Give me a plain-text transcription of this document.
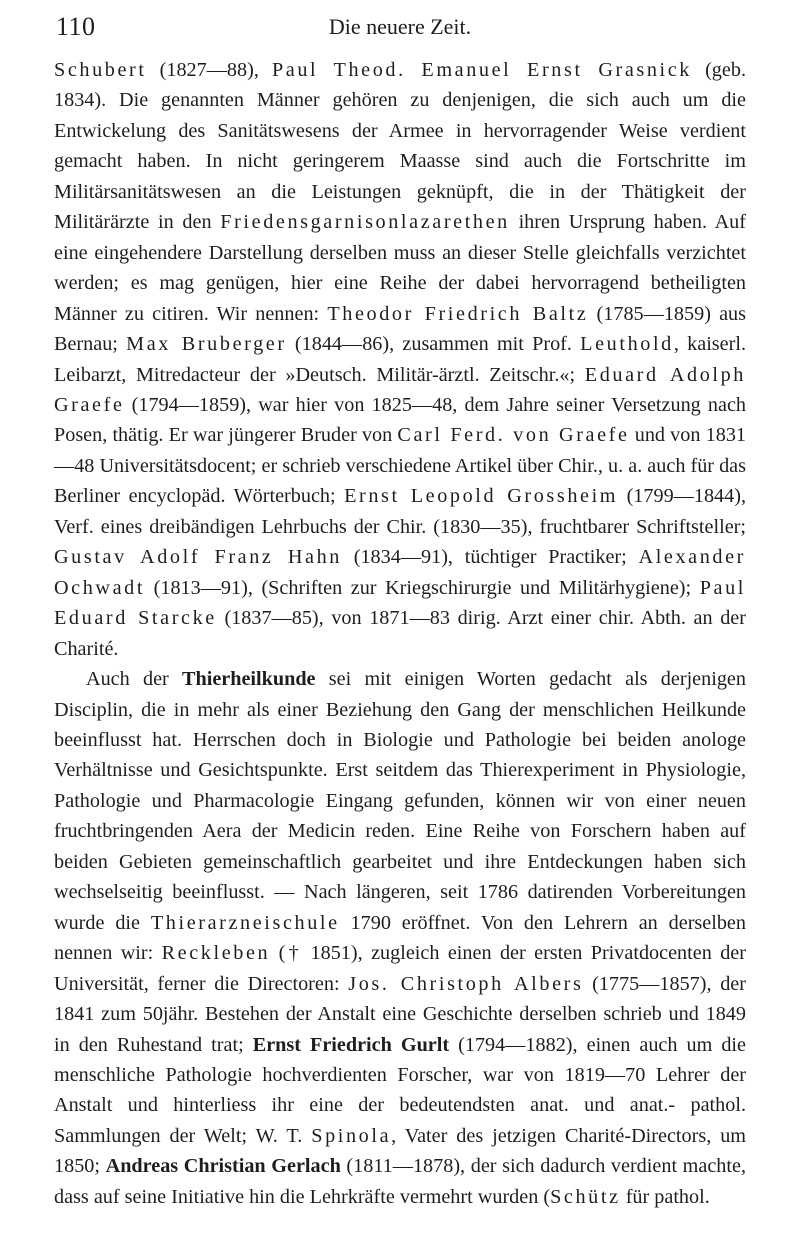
110	Die neuere Zeit.

Schubert (1827—88), Paul Theod. Emanuel Ernst Grasnick (geb. 1834). Die genannten Männer gehören zu denjenigen, die sich auch um die Entwickelung des Sanitätswesens der Armee in hervorragender Weise verdient gemacht haben. In nicht geringerem Maasse sind auch die Fortschritte im Militärsanitätswesen an die Leistungen geknüpft, die in der Thätigkeit der Militärärzte in den Friedensgarnisonlazarethen ihren Ursprung haben. Auf eine eingehendere Darstellung derselben muss an dieser Stelle gleichfalls verzichtet werden; es mag genügen, hier eine Reihe der dabei hervorragend betheiligten Männer zu citiren. Wir nennen: Theodor Friedrich Baltz (1785—1859) aus Bernau; Max Bruberger (1844—86), zusammen mit Prof. Leuthold, kaiserl. Leibarzt, Mitredacteur der »Deutsch. Militär-ärztl. Zeitschr.«; Eduard Adolph Graefe (1794—1859), war hier von 1825—48, dem Jahre seiner Versetzung nach Posen, thätig. Er war jüngerer Bruder von Carl Ferd. von Graefe und von 1831—48 Universitätsdocent; er schrieb verschiedene Artikel über Chir., u. a. auch für das Berliner encyclopäd. Wörterbuch; Ernst Leopold Grossheim (1799—1844), Verf. eines dreibändigen Lehrbuchs der Chir. (1830—35), fruchtbarer Schriftsteller; Gustav Adolf Franz Hahn (1834—91), tüchtiger Practiker; Alexander Ochwadt (1813—91), (Schriften zur Kriegschirurgie und Militärhygiene); Paul Eduard Starcke (1837—85), von 1871—83 dirig. Arzt einer chir. Abth. an der Charité.

Auch der Thierheilkunde sei mit einigen Worten gedacht als derjenigen Disciplin, die in mehr als einer Beziehung den Gang der menschlichen Heilkunde beeinflusst hat. Herrschen doch in Biologie und Pathologie bei beiden anologe Verhältnisse und Gesichtspunkte. Erst seitdem das Thierexperiment in Physiologie, Pathologie und Pharmacologie Eingang gefunden, können wir von einer neuen fruchtbringenden Aera der Medicin reden. Eine Reihe von Forschern haben auf beiden Gebieten gemeinschaftlich gearbeitet und ihre Entdeckungen haben sich wechselseitig beeinflusst. — Nach längeren, seit 1786 datirenden Vorbereitungen wurde die Thierarzneischule 1790 eröffnet. Von den Lehrern an derselben nennen wir: Reckleben († 1851), zugleich einen der ersten Privatdocenten der Universität, ferner die Directoren: Jos. Christoph Albers (1775—1857), der 1841 zum 50jähr. Bestehen der Anstalt eine Geschichte derselben schrieb und 1849 in den Ruhestand trat; Ernst Friedrich Gurlt (1794—1882), einen auch um die menschliche Pathologie hochverdienten Forscher, war von 1819—70 Lehrer der Anstalt und hinterliess ihr eine der bedeutendsten anat. und anat.- pathol. Sammlungen der Welt; W. T. Spinola, Vater des jetzigen Charité-Directors, um 1850; Andreas Christian Gerlach (1811—1878), der sich dadurch verdient machte, dass auf seine Initiative hin die Lehrkräfte vermehrt wurden (Schütz für pathol.
